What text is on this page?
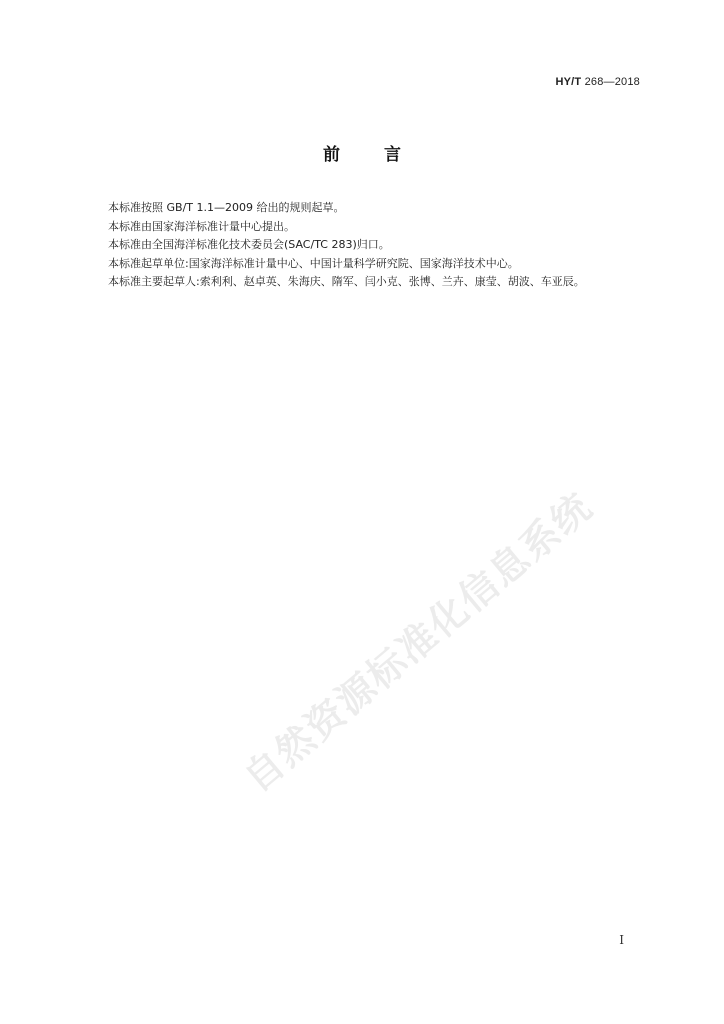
HY/T 268—2018
前	言

本标准按照 GB/T 1.1—2009 给出的规则起草。

本标准由国家海洋标准计量中心提出。

本标准由全国海洋标准化技术委员会(SAC/TC 283)归口。

本标准起草单位:国家海洋标准计量中心、中国计量科学研究院、国家海洋技术中心。

本标准主要起草人:索利利、赵卓英、朱海庆、隋军、闫小克、张博、兰卉、康莹、胡波、车亚辰。

自然资源标准化信息系统
I
